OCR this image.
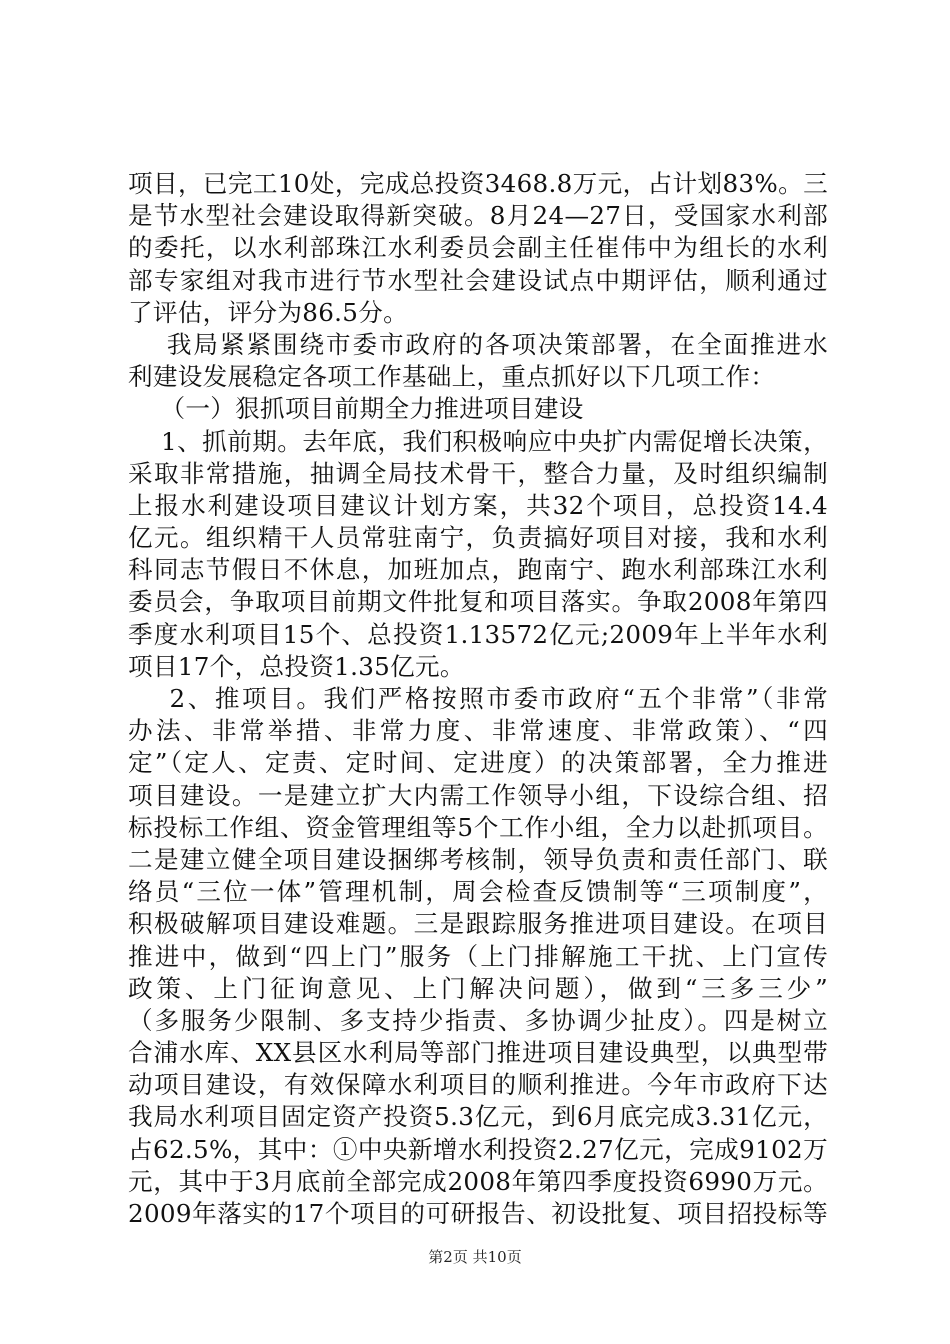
项目，已完工10处，完成总投资3468.8万元，占计划83%。三
是节水型社会建设取得新突破。8月24—27日，受国家水利部
的委托，以水利部珠江水利委员会副主任崔伟中为组长的水利
部专家组对我市进行节水型社会建设试点中期评估，顺利通过
了评估，评分为86.5分。
我局紧紧围绕市委市政府的各项决策部署，在全面推进水
利建设发展稳定各项工作基础上，重点抓好以下几项工作：
（一）狠抓项目前期全力推进项目建设
1、抓前期。去年底，我们积极响应中央扩内需促增长决策，
采取非常措施，抽调全局技术骨干，整合力量，及时组织编制
上报水利建设项目建议计划方案，共32个项目，总投资14.4
亿元。组织精干人员常驻南宁，负责搞好项目对接，我和水利
科同志节假日不休息，加班加点，跑南宁、跑水利部珠江水利
委员会，争取项目前期文件批复和项目落实。争取2008年第四
季度水利项目15个、总投资1.13572亿元;2009年上半年水利
项目17个，总投资1.35亿元。
2、推项目。我们严格按照市委市政府“五个非常”（非常
办法、非常举措、非常力度、非常速度、非常政策）、“四
定”（定人、定责、定时间、定进度）的决策部署，全力推进
项目建设。一是建立扩大内需工作领导小组，下设综合组、招
标投标工作组、资金管理组等5个工作小组，全力以赴抓项目。
二是建立健全项目建设捆绑考核制，领导负责和责任部门、联
络员“三位一体”管理机制，周会检查反馈制等“三项制度”，
积极破解项目建设难题。三是跟踪服务推进项目建设。在项目
推进中，做到“四上门”服务（上门排解施工干扰、上门宣传
政策、上门征询意见、上门解决问题），做到“三多三少”
（多服务少限制、多支持少指责、多协调少扯皮）。四是树立
合浦水库、XX县区水利局等部门推进项目建设典型，以典型带
动项目建设，有效保障水利项目的顺利推进。今年市政府下达
我局水利项目固定资产投资5.3亿元，到6月底完成3.31亿元，
占62.5%，其中：①中央新增水利投资2.27亿元，完成9102万
元，其中于3月底前全部完成2008年第四季度投资6990万元。
2009年落实的17个项目的可研报告、初设批复、项目招投标等
第2页 共10页
